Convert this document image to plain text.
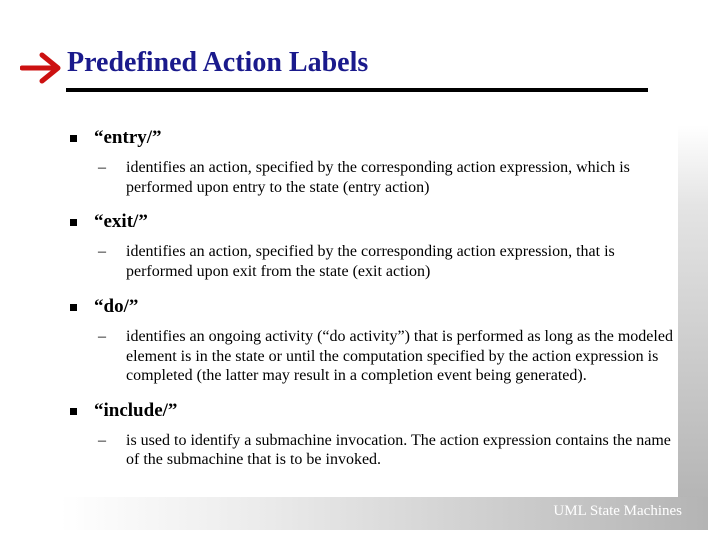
Predefined Action Labels
UML State Machines
“entry/”
– identifies an action, specified by the corresponding action expression, which is performed upon entry to the state (entry action)
“exit/”
– identifies an action, specified by the corresponding action expression, that is performed upon exit from the state (exit action)
“do/”
– identifies an ongoing activity (“do activity”) that is performed as long as the modeled element is in the state or until the computation specified by the action expression is completed (the latter may result in a completion event being generated).
“include/”
– is used to identify a submachine invocation. The action expression contains the name of the submachine that is to be invoked.
